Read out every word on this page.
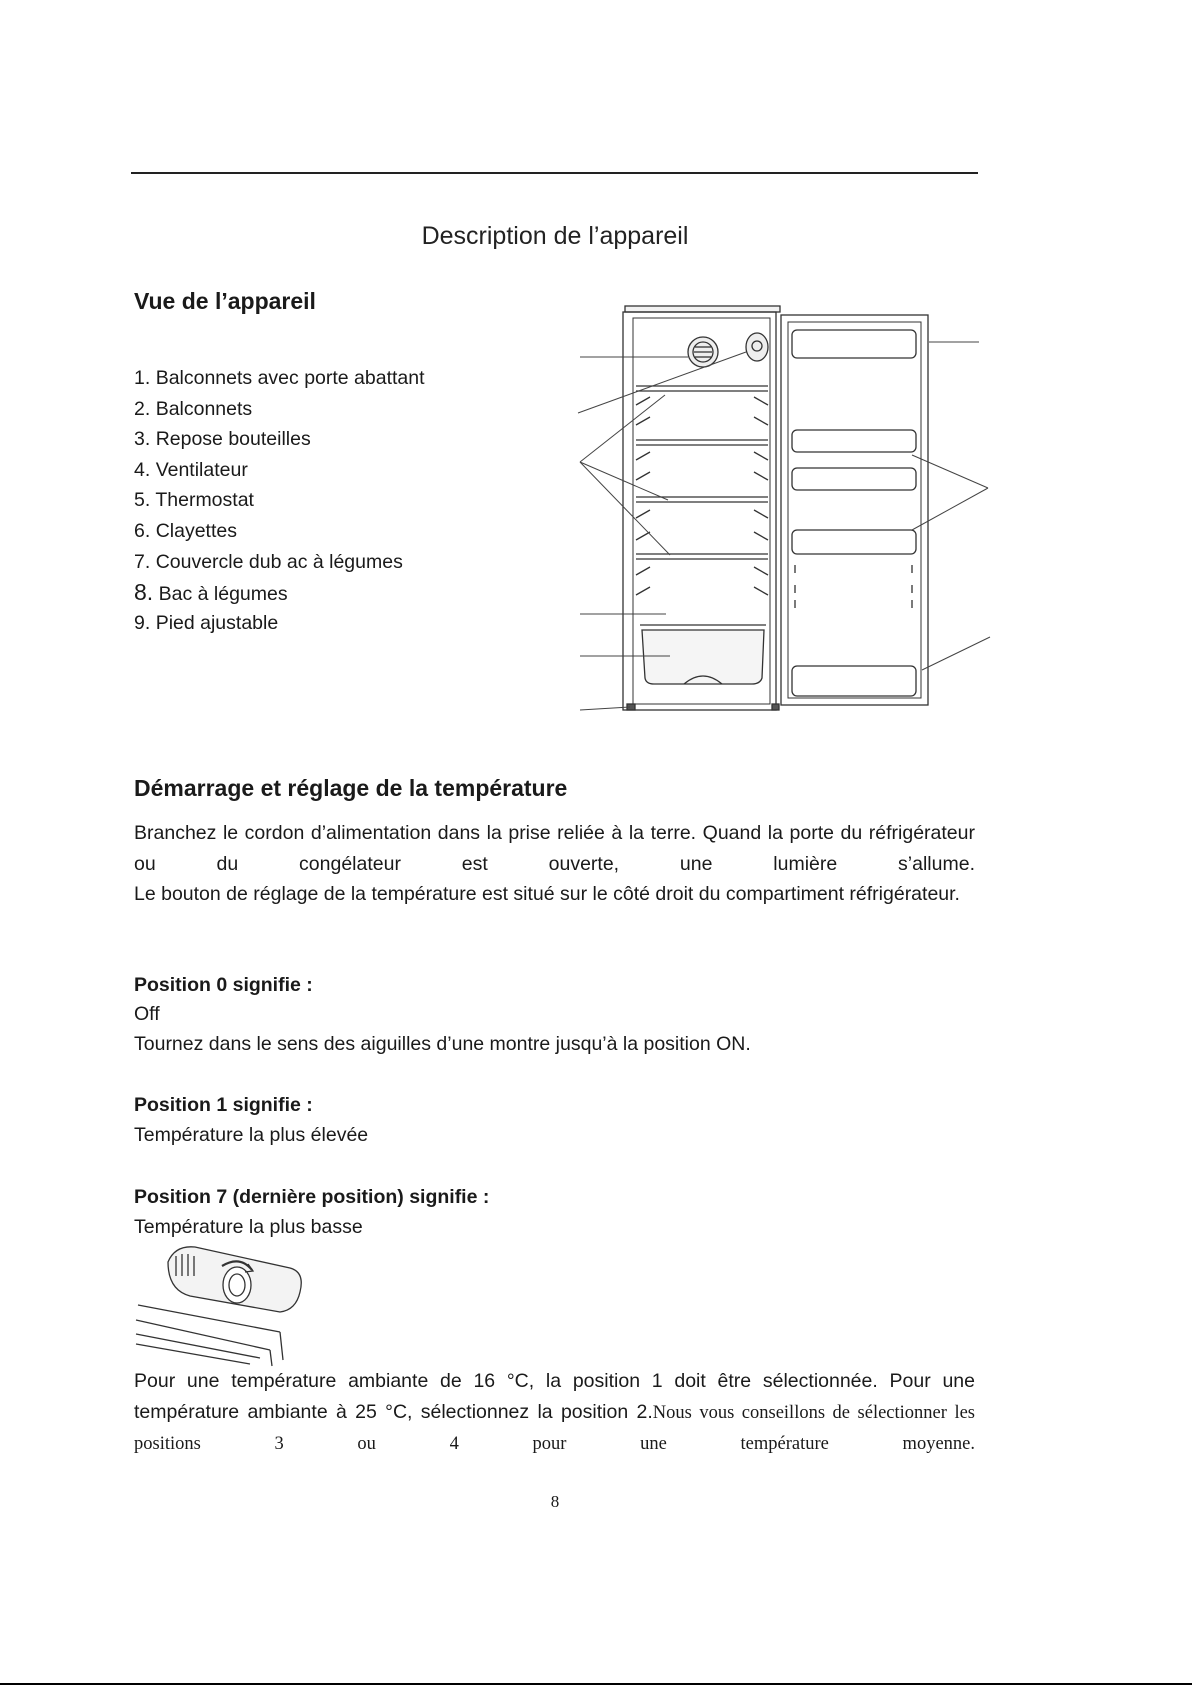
Description de l’appareil
Vue de l’appareil
1. Balconnets avec porte abattant
2. Balconnets
3. Repose bouteilles
4. Ventilateur
5. Thermostat
6. Clayettes
7. Couvercle dub ac à légumes
8. Bac à légumes
9. Pied ajustable
Démarrage et réglage de la température
Branchez le cordon d’alimentation dans la prise reliée à la terre. Quand la porte du réfrigérateur ou du congélateur est ouverte, une lumière s’allume.
Le bouton de réglage de la température est situé sur le côté droit du compartiment réfrigérateur.
Position 0 signifie :
Off
Tournez dans le sens des aiguilles d’une montre jusqu’à la position ON.
Position 1 signifie :
Température la plus élevée
Position 7 (dernière position) signifie :
Température la plus basse
Pour une température ambiante de 16 °C, la position 1 doit être sélectionnée. Pour une température ambiante à 25 °C, sélectionnez la position 2.Nous vous conseillons de sélectionner les positions 3 ou 4 pour une température moyenne.
8
